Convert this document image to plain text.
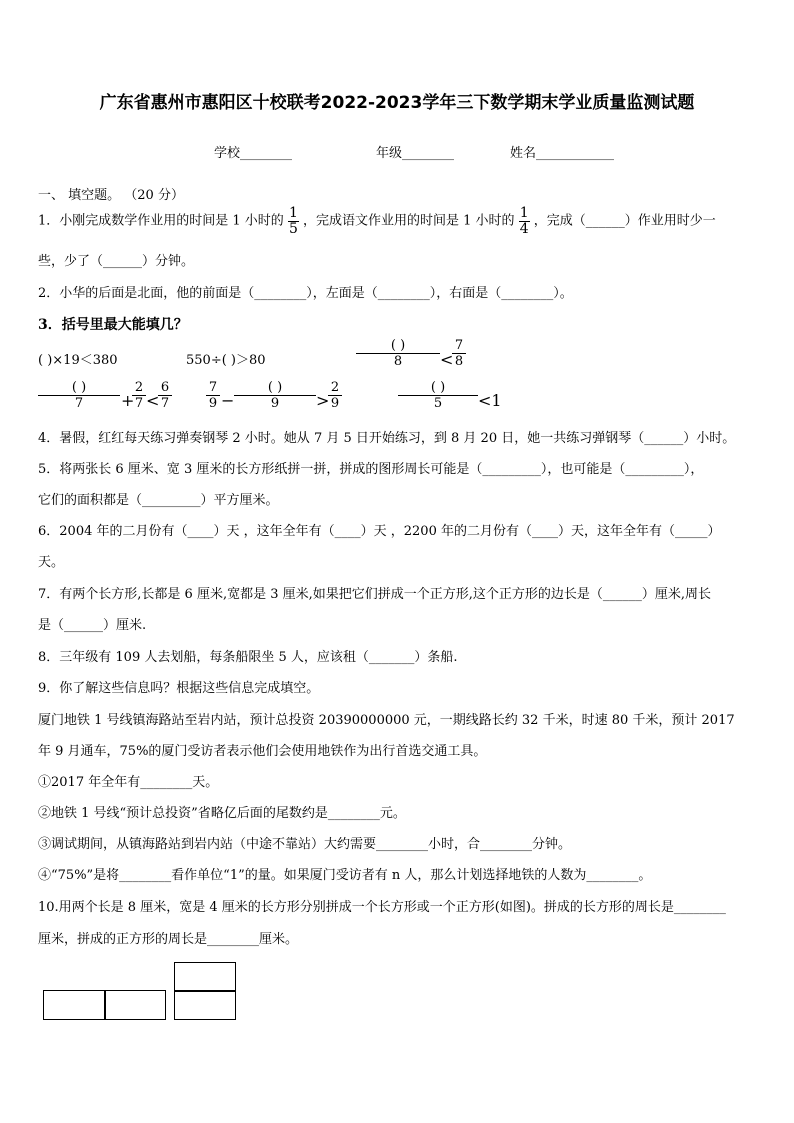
广东省惠州市惠阳区十校联考2022-2023学年三下数学期末学业质量监测试题
学校________	年级________	姓名____________
一、 填空题。 （20 分）
1．小刚完成数学作业用的时间是 1 小时的 $\frac{1}{5}$ ，完成语文作业用的时间是 1 小时的 $\frac{1}{4}$ ，完成（______）作业用时少一
些，少了（______）分钟。
2．小华的后面是北面，他的前面是（________），左面是（________），右面是（________）。
3．括号里最大能填几？
( )×19＜380	550÷( )＞80
( )
8	<
7
8
( )
7	+
2
7 <
6
7
7
9 −
( )
9	>
2
9
( )
5	<1
4．暑假，红红每天练习弹奏钢琴 2 小时。她从 7 月 5 日开始练习，到 8 月 20 日，她一共练习弹钢琴（______）小时。
5．将两张长 6 厘米、宽 3 厘米的长方形纸拼一拼，拼成的图形周长可能是（_________），也可能是（_________），
它们的面积都是（_________）平方厘米。
6．2004 年的二月份有（____）天 ，这年全年有（____）天 ，2200 年的二月份有（____）天，这年全年有（_____）
天。
7．有两个长方形,长都是 6 厘米,宽都是 3 厘米,如果把它们拼成一个正方形,这个正方形的边长是（______）厘米,周长
是（______）厘米.
8．三年级有 109 人去划船，每条船限坐 5 人，应该租（_______）条船.
9．你了解这些信息吗？根据这些信息完成填空。
厦门地铁 1 号线镇海路站至岩内站，预计总投资 20390000000 元，一期线路长约 32 千米，时速 80 千米，预计 2017
年 9 月通车，75%的厦门受访者表示他们会使用地铁作为出行首选交通工具。
①2017 年全年有________天。
②地铁 1 号线“预计总投资”省略亿后面的尾数约是________元。
③调试期间，从镇海路站到岩内站（中途不靠站）大约需要________小时，合________分钟。
④“75%”是将________看作单位“1”的量。如果厦门受访者有 n 人，那么计划选择地铁的人数为________。
10.用两个长是 8 厘米，宽是 4 厘米的长方形分别拼成一个长方形或一个正方形(如图)。拼成的长方形的周长是________
厘米，拼成的正方形的周长是________厘米。
